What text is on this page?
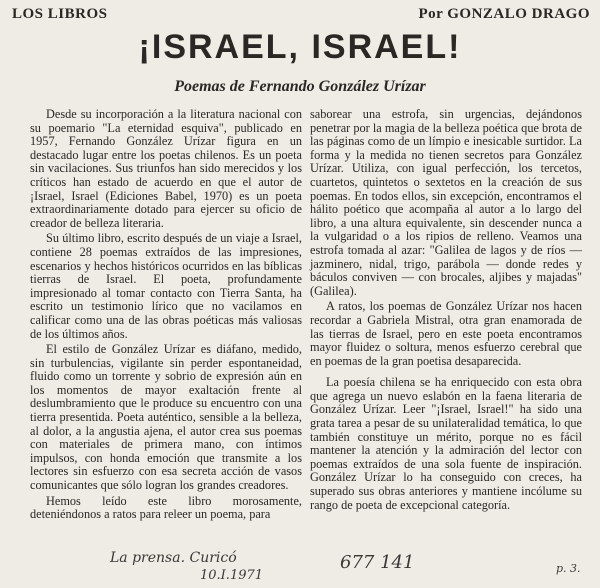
LOS LIBROS	Por GONZALO DRAGO
¡ISRAEL, ISRAEL!
Poemas de Fernando González Urízar

Desde su incorporación a la literatura nacional con su poemario "La eternidad esquiva", publicado en 1957, Fernando González Urízar figura en un destacado lugar entre los poetas chilenos. Es un poeta sin vacilaciones. Sus triunfos han sido merecidos y los críticos han estado de acuerdo en que el autor de ¡Israel, Israel (Ediciones Babel, 1970) es un poeta extraordinariamente dotado para ejercer su oficio de creador de belleza literaria.

Su último libro, escrito después de un viaje a Israel, contiene 28 poemas extraídos de las impresiones, escenarios y hechos históricos ocurridos en las bíblicas tierras de Israel. El poeta, profundamente impresionado al tomar contacto con Tierra Santa, ha escrito un testimonio lírico que no vacilamos en calificar como una de las obras poéticas más valiosas de los últimos años.

El estilo de González Urízar es diáfano, medido, sin turbulencias, vigilante sin perder espontaneidad, fluido como un torrente y sobrio de expresión aún en los momentos de mayor exaltación frente al deslumbramiento que le produce su encuentro con una tierra presentida. Poeta auténtico, sensible a la belleza, al dolor, a la angustia ajena, el autor crea sus poemas con materiales de primera mano, con íntimos impulsos, con honda emoción que transmite a los lectores sin esfuerzo con esa secreta acción de vasos comunicantes que sólo logran los grandes creadores.

Hemos leído este libro morosamente, deteniéndonos a ratos para releer un poema, para

saborear una estrofa, sin urgencias, dejándonos penetrar por la magia de la belleza poética que brota de las páginas como de un límpio e inesicable surtidor. La forma y la medida no tienen secretos para González Urízar. Utiliza, con igual perfección, los tercetos, cuartetos, quintetos o sextetos en la creación de sus poemas. En todos ellos, sin excepción, encontramos el hálito poético que acompaña al autor a lo largo del libro, a una altura equivalente, sin descender nunca a la vulgaridad o a los ripios de relleno. Veamos una estrofa tomada al azar: "Galilea de lagos y de ríos — jazminero, nidal, trigo, parábola — donde redes y báculos conviven — con brocales, aljibes y majadas" (Galilea).

A ratos, los poemas de González Urízar nos hacen recordar a Gabriela Mistral, otra gran enamorada de las tierras de Israel, pero en este poeta encontramos mayor fluidez o soltura, menos esfuerzo cerebral que en poemas de la gran poetisa desaparecida.

La poesía chilena se ha enriquecido con esta obra que agrega un nuevo eslabón en la faena literaria de González Urízar. Leer "¡Israel, Israel!" ha sido una grata tarea a pesar de su unilateralidad temática, lo que también constituye un mérito, porque no es fácil mantener la atención y la admiración del lector con poemas extraídos de una sola fuente de inspiración. González Urízar lo ha conseguido con creces, ha superado sus obras anteriores y mantiene incólume su rango de poeta de excepcional categoría.

La prensa. Curicó
10.I.1971
677 141	p. 3.
